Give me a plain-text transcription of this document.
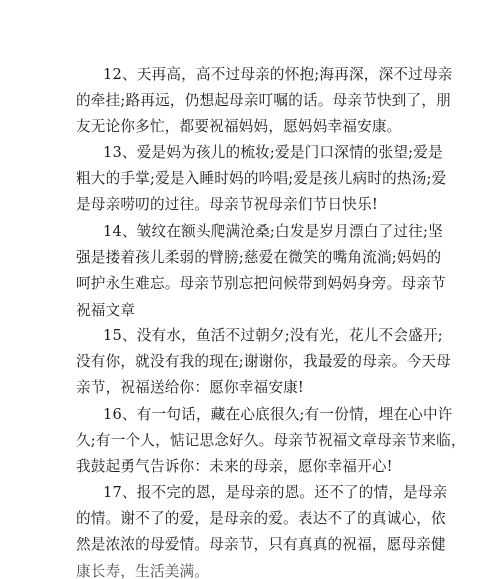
12、天再高，高不过母亲的怀抱;海再深，深不过母亲
的牵挂;路再远，仍想起母亲叮嘱的话。母亲节快到了，朋
友无论你多忙，都要祝福妈妈，愿妈妈幸福安康。
13、爱是妈为孩儿的梳妆;爱是门口深情的张望;爱是
粗大的手掌;爱是入睡时妈的吟唱;爱是孩儿病时的热汤;爱
是母亲唠叨的过往。母亲节祝母亲们节日快乐!
14、皱纹在额头爬满沧桑;白发是岁月漂白了过往;坚
强是搂着孩儿柔弱的臂膀;慈爱在微笑的嘴角流淌;妈妈的
呵护永生难忘。母亲节别忘把问候带到妈妈身旁。母亲节
祝福文章
15、没有水，鱼活不过朝夕;没有光，花儿不会盛开;
没有你，就没有我的现在;谢谢你，我最爱的母亲。今天母
亲节，祝福送给你：愿你幸福安康!
16、有一句话，藏在心底很久;有一份情，埋在心中许
久;有一个人，惦记思念好久。母亲节祝福文章母亲节来临，
我鼓起勇气告诉你：未来的母亲，愿你幸福开心!
17、报不完的恩，是母亲的恩。还不了的情，是母亲
的情。谢不了的爱，是母亲的爱。表达不了的真诚心，依
然是浓浓的母爱情。母亲节，只有真真的祝福，愿母亲健
康长寿，生活美满。
